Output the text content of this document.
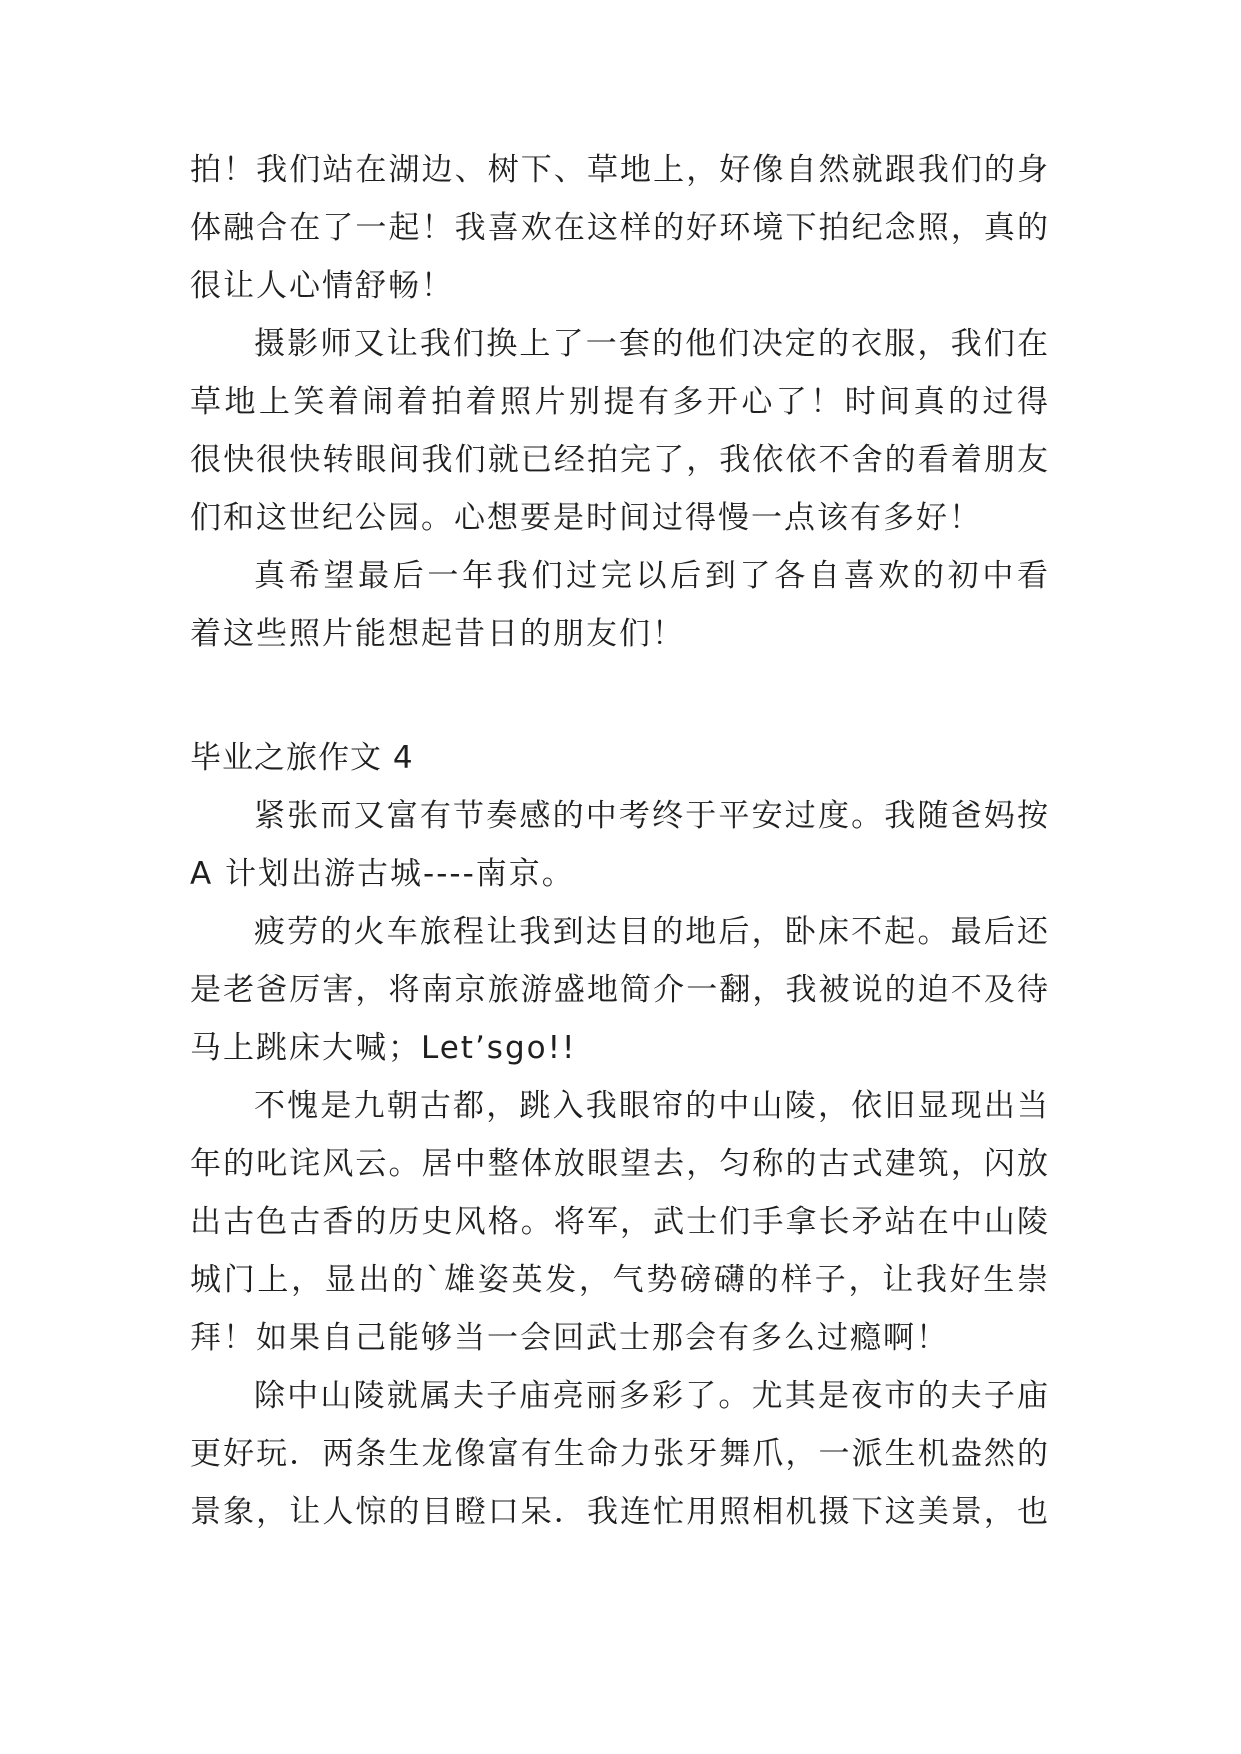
拍！我们站在湖边、树下、草地上，好像自然就跟我们的身
体融合在了一起！我喜欢在这样的好环境下拍纪念照，真的
很让人心情舒畅！
摄影师又让我们换上了一套的他们决定的衣服，我们在
草地上笑着闹着拍着照片别提有多开心了！时间真的过得
很快很快转眼间我们就已经拍完了，我依依不舍的看着朋友
们和这世纪公园。心想要是时间过得慢一点该有多好！
真希望最后一年我们过完以后到了各自喜欢的初中看
着这些照片能想起昔日的朋友们！
毕业之旅作文 4
紧张而又富有节奏感的中考终于平安过度。我随爸妈按
A 计划出游古城----南京。
疲劳的火车旅程让我到达目的地后，卧床不起。最后还
是老爸厉害，将南京旅游盛地简介一翻，我被说的迫不及待
马上跳床大喊；Let’sgo!!
不愧是九朝古都，跳入我眼帘的中山陵，依旧显现出当
年的叱诧风云。居中整体放眼望去，匀称的古式建筑，闪放
出古色古香的历史风格。将军，武士们手拿长矛站在中山陵
城门上，显出的`雄姿英发，气势磅礴的样子，让我好生崇
拜！如果自己能够当一会回武士那会有多么过瘾啊！
除中山陵就属夫子庙亮丽多彩了。尤其是夜市的夫子庙
更好玩．两条生龙像富有生命力张牙舞爪，一派生机盎然的
景象，让人惊的目瞪口呆．我连忙用照相机摄下这美景，也
